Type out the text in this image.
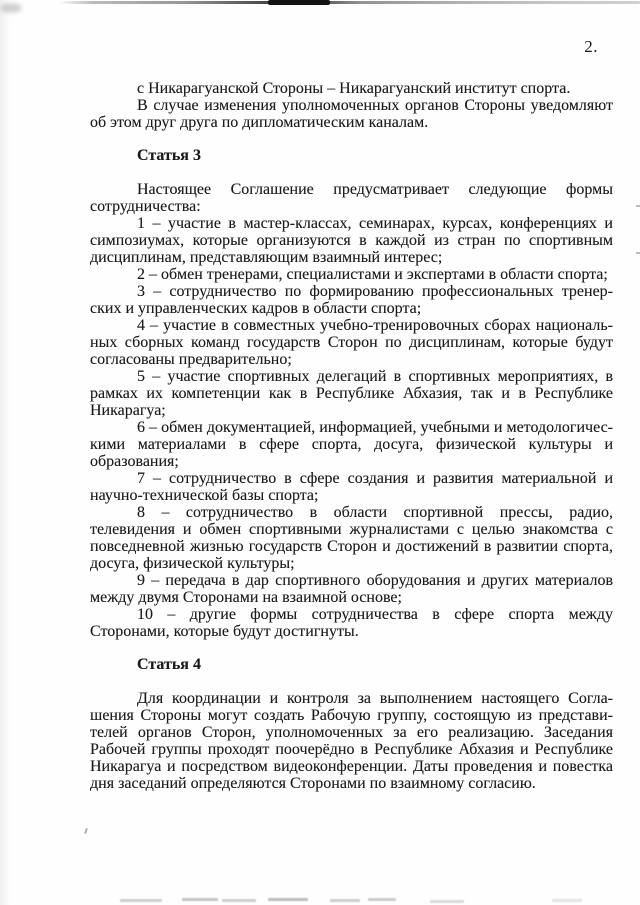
2.
с Никарагуанской Стороны – Никарагуанский институт спорта.
В случае изменения уполномоченных органов Стороны уведомляют
об этом друг друга по дипломатическим каналам.
Статья 3
Настоящее Соглашение предусматривает следующие формы
сотрудничества:
1 – участие в мастер-классах, семинарах, курсах, конференциях и
симпозиумах, которые организуются в каждой из стран по спортивным
дисциплинам, представляющим взаимный интерес;
2 – обмен тренерами, специалистами и экспертами в области спорта;
3 – сотрудничество по формированию профессиональных тренер-
ских и управленческих кадров в области спорта;
4 – участие в совместных учебно-тренировочных сборах националь-
ных сборных команд государств Сторон по дисциплинам, которые будут
согласованы предварительно;
5 – участие спортивных делегаций в спортивных мероприятиях, в
рамках их компетенции как в Республике Абхазия, так и в Республике
Никарагуа;
6 – обмен документацией, информацией, учебными и методологичес-
кими материалами в сфере спорта, досуга, физической культуры и
образования;
7 – сотрудничество в сфере создания и развития материальной и
научно-технической базы спорта;
8 – сотрудничество в области спортивной прессы, радио,
телевидения и обмен спортивными журналистами с целью знакомства с
повседневной жизнью государств Сторон и достижений в развитии спорта,
досуга, физической культуры;
9 – передача в дар спортивного оборудования и других материалов
между двумя Сторонами на взаимной основе;
10 – другие формы сотрудничества в сфере спорта между
Сторонами, которые будут достигнуты.
Статья 4
Для координации и контроля за выполнением настоящего Согла-
шения Стороны могут создать Рабочую группу, состоящую из представи-
телей органов Сторон, уполномоченных за его реализацию. Заседания
Рабочей группы проходят поочерёдно в Республике Абхазия и Республике
Никарагуа и посредством видеоконференции. Даты проведения и повестка
дня заседаний определяются Сторонами по взаимному согласию.
